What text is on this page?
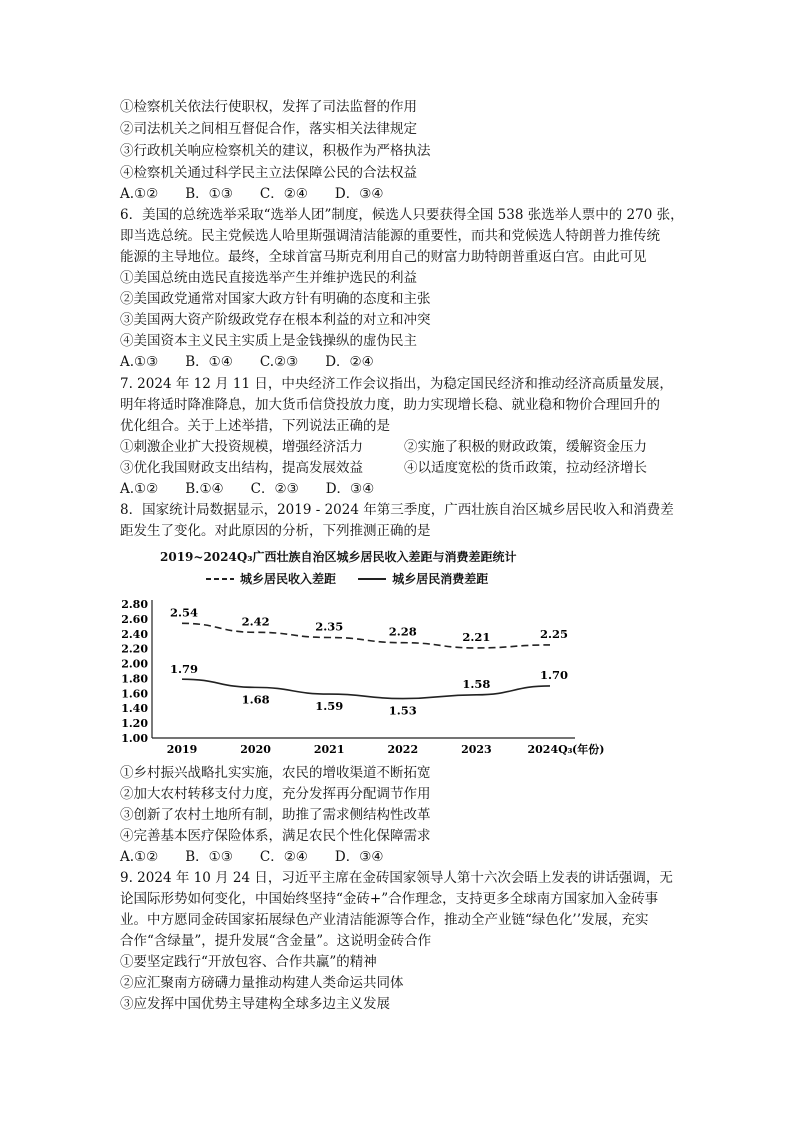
①检察机关依法行使职权，发挥了司法监督的作用
②司法机关之间相互督促合作，落实相关法律规定
③行政机关响应检察机关的建议，积极作为严格执法
④检察机关通过科学民主立法保障公民的合法权益
A.①②　　B．①③　　C．②④　　D．③④
6．美国的总统选举采取“选举人团”制度，候选人只要获得全国 538 张选举人票中的 270 张，
即当选总统。民主党候选人哈里斯强调清洁能源的重要性，而共和党候选人特朗普力推传统
能源的主导地位。最终，全球首富马斯克利用自己的财富力助特朗普重返白宫。由此可见
①美国总统由选民直接选举产生并维护选民的利益
②美国政党通常对国家大政方针有明确的态度和主张
③美国两大资产阶级政党存在根本利益的对立和冲突
④美国资本主义民主实质上是金钱操纵的虚伪民主
A.①③　　B．①④　　C.②③　　D．②④
7. 2024 年 12 月 11 日，中央经济工作会议指出，为稳定国民经济和推动经济高质量发展，
明年将适时降准降息，加大货币信贷投放力度，助力实现增长稳、就业稳和物价合理回升的
优化组合。关于上述举措，下列说法正确的是
①刺激企业扩大投资规模，增强经济活力	②实施了积极的财政政策，缓解资金压力
③优化我国财政支出结构，提高发展效益	④以适度宽松的货币政策，拉动经济增长
A.①②　　B.①④　　C．②③　　D．③④
8．国家统计局数据显示，2019 - 2024 年第三季度，广西壮族自治区城乡居民收入和消费差
距发生了变化。对此原因的分析，下列推测正确的是
2019~2024Q₃广西壮族自治区城乡居民收入差距与消费差距统计
城乡居民收入差距
	城乡居民消费差距
2.80
2.60
2.40
2.20
2.00
1.80
1.60
1.40
1.20
1.00
2019	2020	2021	2022	2023	2024Q₃ (年份)
2.54
2.42	2.35	2.28	2.21	2.25
1.79
1.68	1.59	1.53
1.58
1.70
①乡村振兴战略扎实实施，农民的增收渠道不断拓宽
②加大农村转移支付力度，充分发挥再分配调节作用
③创新了农村土地所有制，助推了需求侧结构性改革
④完善基本医疗保险体系，满足农民个性化保障需求
A.①②　　B．①③　　C．②④　　D．③④
9. 2024 年 10 月 24 日，习近平主席在金砖国家领导人第十六次会晤上发表的讲话强调，无
论国际形势如何变化，中国始终坚持“金砖+”合作理念，支持更多全球南方国家加入金砖事
业。中方愿同金砖国家拓展绿色产业清洁能源等合作，推动全产业链“绿色化’’发展，充实
合作“含绿量”，提升发展“含金量”。这说明金砖合作
①要坚定践行“开放包容、合作共赢”的精神
②应汇聚南方磅礴力量推动构建人类命运共同体
③应发挥中国优势主导建构全球多边主义发展
